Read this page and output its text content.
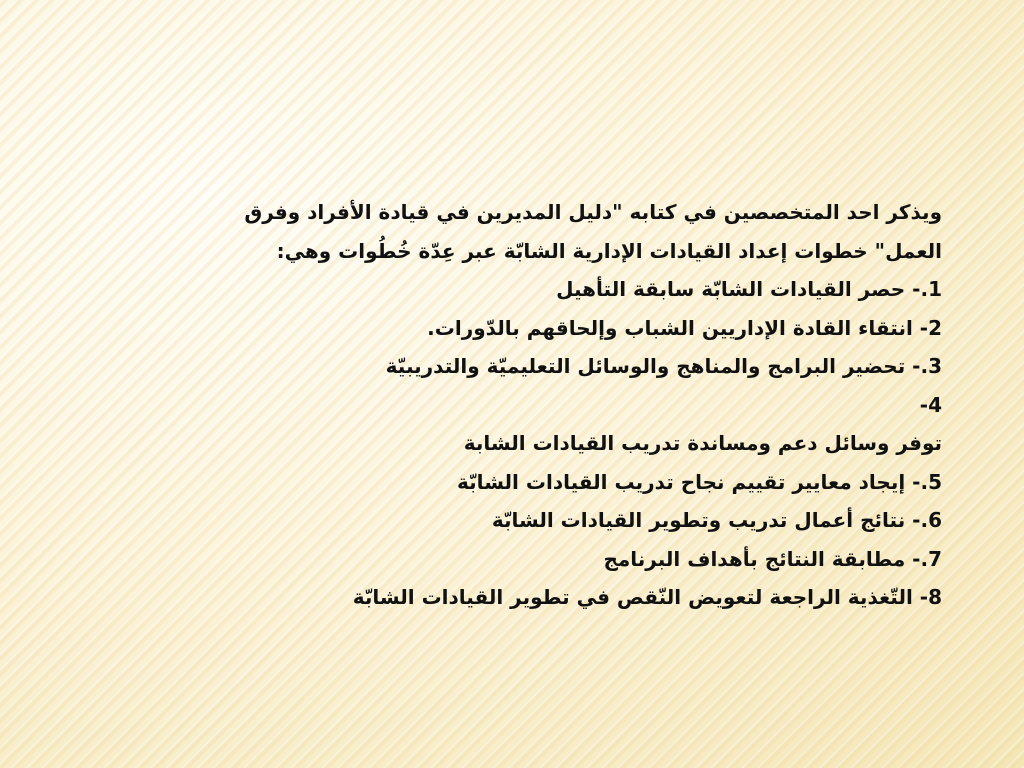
ويذكر احد المتخصصين في كتابه "دليل المديرين في قيادة الأفراد وفرق
العمل" خطوات إعداد القيادات الإدارية الشابّة عبر عِدّة خُطُوات وهي:
1.- حصر القيادات الشابّة سابقة التأهيل
2- انتقاء القادة الإداريين الشباب وإلحاقهم بالدّورات.
3.- تحضير البرامج والمناهج والوسائل التعليميّة والتدريبيّة
4-
توفر وسائل دعم ومساندة تدريب القيادات الشابة
5.- إيجاد معايير تقييم نجاح تدريب القيادات الشابّة
6.- نتائج أعمال تدريب وتطوير القيادات الشابّة
7.- مطابقة النتائج بأهداف البرنامج
8- التّغذية الراجعة لتعويض النّقص في تطوير القيادات الشابّة
